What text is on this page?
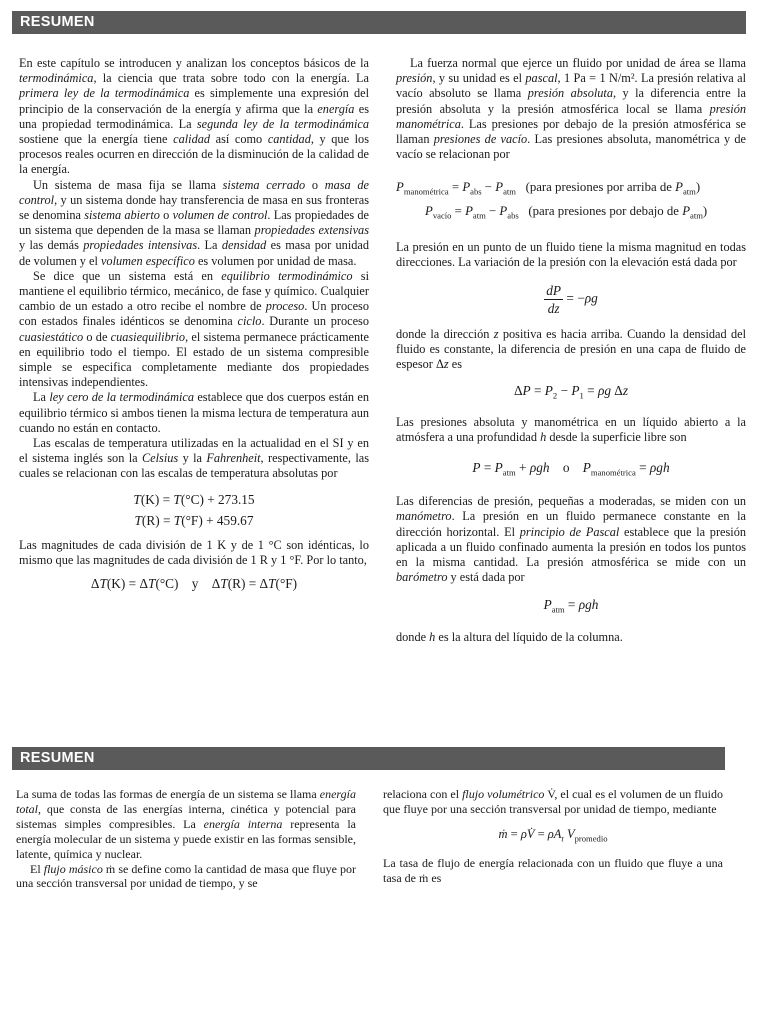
RESUMEN

En este capítulo se introducen y analizan los conceptos básicos de la termodinámica, la ciencia que trata sobre todo con la energía. La primera ley de la termodinámica es simplemente una expresión del principio de la conservación de la energía y afirma que la energía es una propiedad termodinámica. La segunda ley de la termodinámica sostiene que la energía tiene calidad así como cantidad, y que los procesos reales ocurren en dirección de la disminución de la calidad de la energía.

Un sistema de masa fija se llama sistema cerrado o masa de control, y un sistema donde hay transferencia de masa en sus fronteras se denomina sistema abierto o volumen de control. Las propiedades de un sistema que dependen de la masa se llaman propiedades extensivas y las demás propiedades intensivas. La densidad es masa por unidad de volumen y el volumen específico es volumen por unidad de masa.

Se dice que un sistema está en equilibrio termodinámico si mantiene el equilibrio térmico, mecánico, de fase y químico. Cualquier cambio de un estado a otro recibe el nombre de proceso. Un proceso con estados finales idénticos se denomina ciclo. Durante un proceso cuasiestático o de cuasiequilibrio, el sistema permanece prácticamente en equilibrio todo el tiempo. El estado de un sistema compresible simple se especifica completamente mediante dos propiedades intensivas independientes.

La ley cero de la termodinámica establece que dos cuerpos están en equilibrio térmico si ambos tienen la misma lectura de temperatura aun cuando no están en contacto.

Las escalas de temperatura utilizadas en la actualidad en el SI y en el sistema inglés son la Celsius y la Fahrenheit, respectivamente, las cuales se relacionan con las escalas de temperatura absolutas por

T(K) = T(°C) + 273.15
T(R) = T(°F) + 459.67

Las magnitudes de cada división de 1 K y de 1 °C son idénticas, lo mismo que las magnitudes de cada división de 1 R y 1 °F. Por lo tanto,

ΔT(K) = ΔT(°C)    y    ΔT(R) = ΔT(°F)

La fuerza normal que ejerce un fluido por unidad de área se llama presión, y su unidad es el pascal, 1 Pa = 1 N/m². La presión relativa al vacío absoluto se llama presión absoluta, y la diferencia entre la presión absoluta y la presión atmosférica local se llama presión manométrica. Las presiones por debajo de la presión atmosférica se llaman presiones de vacío. Las presiones absoluta, manométrica y de vacío se relacionan por

$P_{manométrica} = P_{abs} - P_{atm}$ (para presiones por arriba de $P_{atm}$)
$P_{vacío} = P_{atm} - P_{abs}$ (para presiones por debajo de $P_{atm}$)

La presión en un punto de un fluido tiene la misma magnitud en todas direcciones. La variación de la presión con la elevación está dada por

$\frac{dP}{dz} = -\rho g$

donde la dirección z positiva es hacia arriba. Cuando la densidad del fluido es constante, la diferencia de presión en una capa de fluido de espesor Δz es

$\Delta P = P_2 - P_1 = \rho g$ Δz

Las presiones absoluta y manométrica en un líquido abierto a la atmósfera a una profundidad h desde la superficie libre son

$P = P_{atm} + \rho gh$    o    $P_{manométrica} = \rho gh$

Las diferencias de presión, pequeñas a moderadas, se miden con un manómetro. La presión en un fluido permanece constante en la dirección horizontal. El principio de Pascal establece que la presión aplicada a un fluido confinado aumenta la presión en todos los puntos en la misma cantidad. La presión atmosférica se mide con un barómetro y está dada por

$P_{atm} = \rho gh$

donde h es la altura del líquido de la columna.

RESUMEN

La suma de todas las formas de energía de un sistema se llama energía total, que consta de las energías interna, cinética y potencial para sistemas simples compresibles. La energía interna representa la energía molecular de un sistema y puede existir en las formas sensible, latente, química y nuclear.

El flujo másico ṁ se define como la cantidad de masa que fluye por una sección transversal por unidad de tiempo, y se

relaciona con el flujo volumétrico V̇, el cual es el volumen de un fluido que fluye por una sección transversal por unidad de tiempo, mediante

ṁ = ρV̇ = $\rho A_t$ $V_{promedio}$

La tasa de flujo de energía relacionada con un fluido que fluye a una tasa de ṁ es
